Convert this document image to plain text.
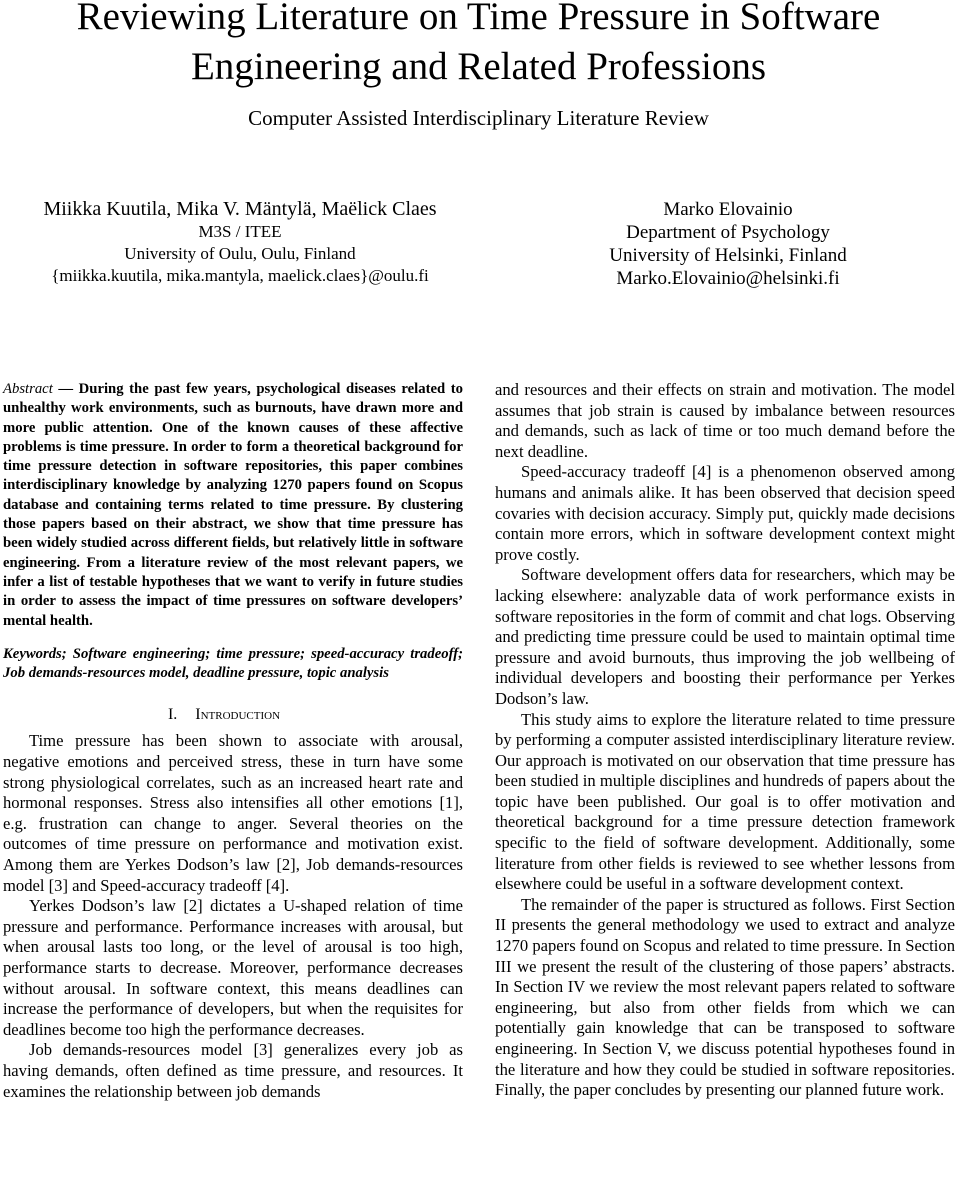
Reviewing Literature on Time Pressure in Software
Engineering and Related Professions
Computer Assisted Interdisciplinary Literature Review
Miikka Kuutila, Mika V. Mäntylä, Maëlick Claes
M3S / ITEE
University of Oulu, Oulu, Finland
{miikka.kuutila, mika.mantyla, maelick.claes}@oulu.fi
Marko Elovainio
Department of Psychology
University of Helsinki, Finland
Marko.Elovainio@helsinki.fi

Abstract — During the past few years, psychological diseases related to unhealthy work environments, such as burnouts, have drawn more and more public attention. One of the known causes of these affective problems is time pressure. In order to form a theoretical background for time pressure detection in software repositories, this paper combines interdisciplinary knowledge by analyzing 1270 papers found on Scopus database and containing terms related to time pressure. By clustering those papers based on their abstract, we show that time pressure has been widely studied across different fields, but relatively little in software engineering. From a literature review of the most relevant papers, we infer a list of testable hypotheses that we want to verify in future studies in order to assess the impact of time pressures on software developers’ mental health.

Keywords; Software engineering; time pressure; speed-accuracy tradeoff; Job demands-resources model, deadline pressure, topic analysis

I. Introduction

Time pressure has been shown to associate with arousal, negative emotions and perceived stress, these in turn have some strong physiological correlates, such as an increased heart rate and hormonal responses. Stress also intensifies all other emotions [1], e.g. frustration can change to anger. Several theories on the outcomes of time pressure on performance and motivation exist. Among them are Yerkes Dodson’s law [2], Job demands-resources model [3] and Speed-accuracy tradeoff [4].

Yerkes Dodson’s law [2] dictates a U-shaped relation of time pressure and performance. Performance increases with arousal, but when arousal lasts too long, or the level of arousal is too high, performance starts to decrease. Moreover, performance decreases without arousal. In software context, this means deadlines can increase the performance of developers, but when the requisites for deadlines become too high the performance decreases.

Job demands-resources model [3] generalizes every job as having demands, often defined as time pressure, and resources. It examines the relationship between job demands

and resources and their effects on strain and motivation. The model assumes that job strain is caused by imbalance between resources and demands, such as lack of time or too much demand before the next deadline.

Speed-accuracy tradeoff [4] is a phenomenon observed among humans and animals alike. It has been observed that decision speed covaries with decision accuracy. Simply put, quickly made decisions contain more errors, which in software development context might prove costly.

Software development offers data for researchers, which may be lacking elsewhere: analyzable data of work performance exists in software repositories in the form of commit and chat logs. Observing and predicting time pressure could be used to maintain optimal time pressure and avoid burnouts, thus improving the job wellbeing of individual developers and boosting their performance per Yerkes Dodson’s law.

This study aims to explore the literature related to time pressure by performing a computer assisted interdisciplinary literature review. Our approach is motivated on our observation that time pressure has been studied in multiple disciplines and hundreds of papers about the topic have been published. Our goal is to offer motivation and theoretical background for a time pressure detection framework specific to the field of software development. Additionally, some literature from other fields is reviewed to see whether lessons from elsewhere could be useful in a software development context.

The remainder of the paper is structured as follows. First Section II presents the general methodology we used to extract and analyze 1270 papers found on Scopus and related to time pressure. In Section III we present the result of the clustering of those papers’ abstracts. In Section IV we review the most relevant papers related to software engineering, but also from other fields from which we can potentially gain knowledge that can be transposed to software engineering. In Section V, we discuss potential hypotheses found in the literature and how they could be studied in software repositories. Finally, the paper concludes by presenting our planned future work.
